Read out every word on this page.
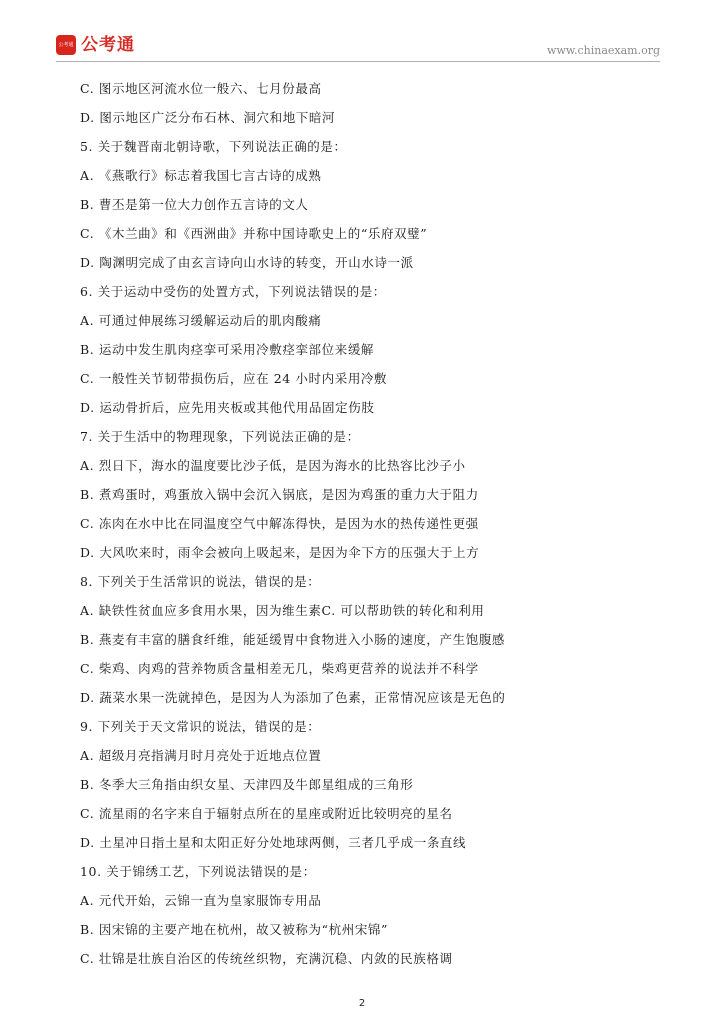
公考通 公考通	www.chinaexam.org
C. 图示地区河流水位一般六、七月份最高
D. 图示地区广泛分布石林、洞穴和地下暗河
5. 关于魏晋南北朝诗歌，下列说法正确的是：
A. 《燕歌行》标志着我国七言古诗的成熟
B. 曹丕是第一位大力创作五言诗的文人
C. 《木兰曲》和《西洲曲》并称中国诗歌史上的“乐府双璧”
D. 陶渊明完成了由玄言诗向山水诗的转变，开山水诗一派
6. 关于运动中受伤的处置方式，下列说法错误的是：
A. 可通过伸展练习缓解运动后的肌肉酸痛
B. 运动中发生肌肉痉挛可采用冷敷痉挛部位来缓解
C. 一般性关节韧带损伤后，应在 24 小时内采用冷敷
D. 运动骨折后，应先用夹板或其他代用品固定伤肢
7. 关于生活中的物理现象，下列说法正确的是：
A. 烈日下，海水的温度要比沙子低，是因为海水的比热容比沙子小
B. 煮鸡蛋时，鸡蛋放入锅中会沉入锅底，是因为鸡蛋的重力大于阻力
C. 冻肉在水中比在同温度空气中解冻得快，是因为水的热传递性更强
D. 大风吹来时，雨伞会被向上吸起来，是因为伞下方的压强大于上方
8. 下列关于生活常识的说法，错误的是：
A. 缺铁性贫血应多食用水果，因为维生素C. 可以帮助铁的转化和利用
B. 燕麦有丰富的膳食纤维，能延缓胃中食物进入小肠的速度，产生饱腹感
C. 柴鸡、肉鸡的营养物质含量相差无几，柴鸡更营养的说法并不科学
D. 蔬菜水果一洗就掉色，是因为人为添加了色素，正常情况应该是无色的
9. 下列关于天文常识的说法，错误的是：
A. 超级月亮指满月时月亮处于近地点位置
B. 冬季大三角指由织女星、天津四及牛郎星组成的三角形
C. 流星雨的名字来自于辐射点所在的星座或附近比较明亮的星名
D. 土星冲日指土星和太阳正好分处地球两侧，三者几乎成一条直线
10. 关于锦绣工艺，下列说法错误的是：
A. 元代开始，云锦一直为皇家服饰专用品
B. 因宋锦的主要产地在杭州，故又被称为“杭州宋锦”
C. 壮锦是壮族自治区的传统丝织物，充满沉稳、内敛的民族格调
2
